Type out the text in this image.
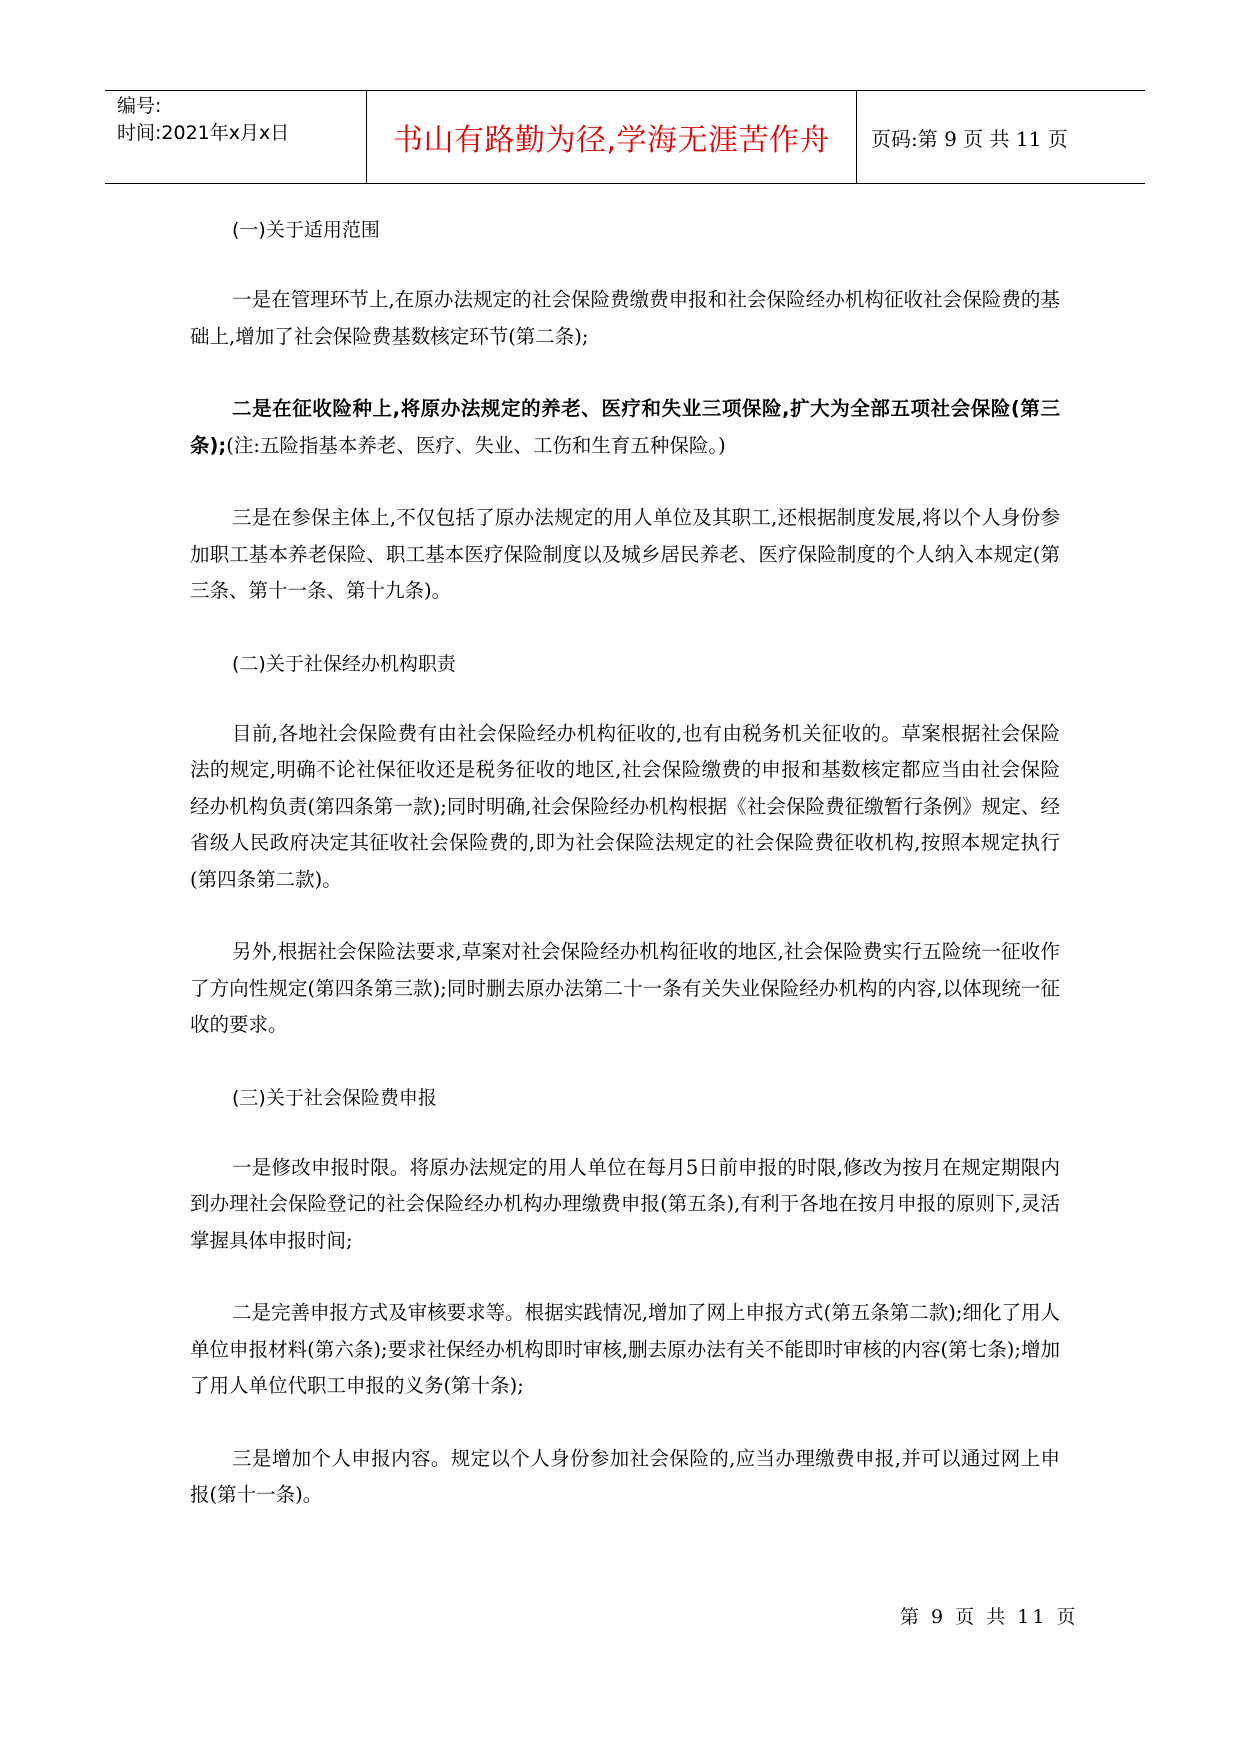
编号:
时间:2021年x月x日	书山有路勤为径,学海无涯苦作舟	页码:第 9 页 共 11 页

(一)关于适用范围

一是在管理环节上,在原办法规定的社会保险费缴费申报和社会保险经办机构征收社会保险费的基础上,增加了社会保险费基数核定环节(第二条);

二是在征收险种上,将原办法规定的养老、医疗和失业三项保险,扩大为全部五项社会保险(第三条);(注:五险指基本养老、医疗、失业、工伤和生育五种保险。)

三是在参保主体上,不仅包括了原办法规定的用人单位及其职工,还根据制度发展,将以个人身份参加职工基本养老保险、职工基本医疗保险制度以及城乡居民养老、医疗保险制度的个人纳入本规定(第三条、第十一条、第十九条)。

(二)关于社保经办机构职责

目前,各地社会保险费有由社会保险经办机构征收的,也有由税务机关征收的。草案根据社会保险法的规定,明确不论社保征收还是税务征收的地区,社会保险缴费的申报和基数核定都应当由社会保险经办机构负责(第四条第一款);同时明确,社会保险经办机构根据《社会保险费征缴暂行条例》规定、经省级人民政府决定其征收社会保险费的,即为社会保险法规定的社会保险费征收机构,按照本规定执行(第四条第二款)。

另外,根据社会保险法要求,草案对社会保险经办机构征收的地区,社会保险费实行五险统一征收作了方向性规定(第四条第三款);同时删去原办法第二十一条有关失业保险经办机构的内容,以体现统一征收的要求。

(三)关于社会保险费申报

一是修改申报时限。将原办法规定的用人单位在每月5日前申报的时限,修改为按月在规定期限内到办理社会保险登记的社会保险经办机构办理缴费申报(第五条),有利于各地在按月申报的原则下,灵活掌握具体申报时间;

二是完善申报方式及审核要求等。根据实践情况,增加了网上申报方式(第五条第二款);细化了用人单位申报材料(第六条);要求社保经办机构即时审核,删去原办法有关不能即时审核的内容(第七条);增加了用人单位代职工申报的义务(第十条);

三是增加个人申报内容。规定以个人身份参加社会保险的,应当办理缴费申报,并可以通过网上申报(第十一条)。

第 9 页 共 11 页
